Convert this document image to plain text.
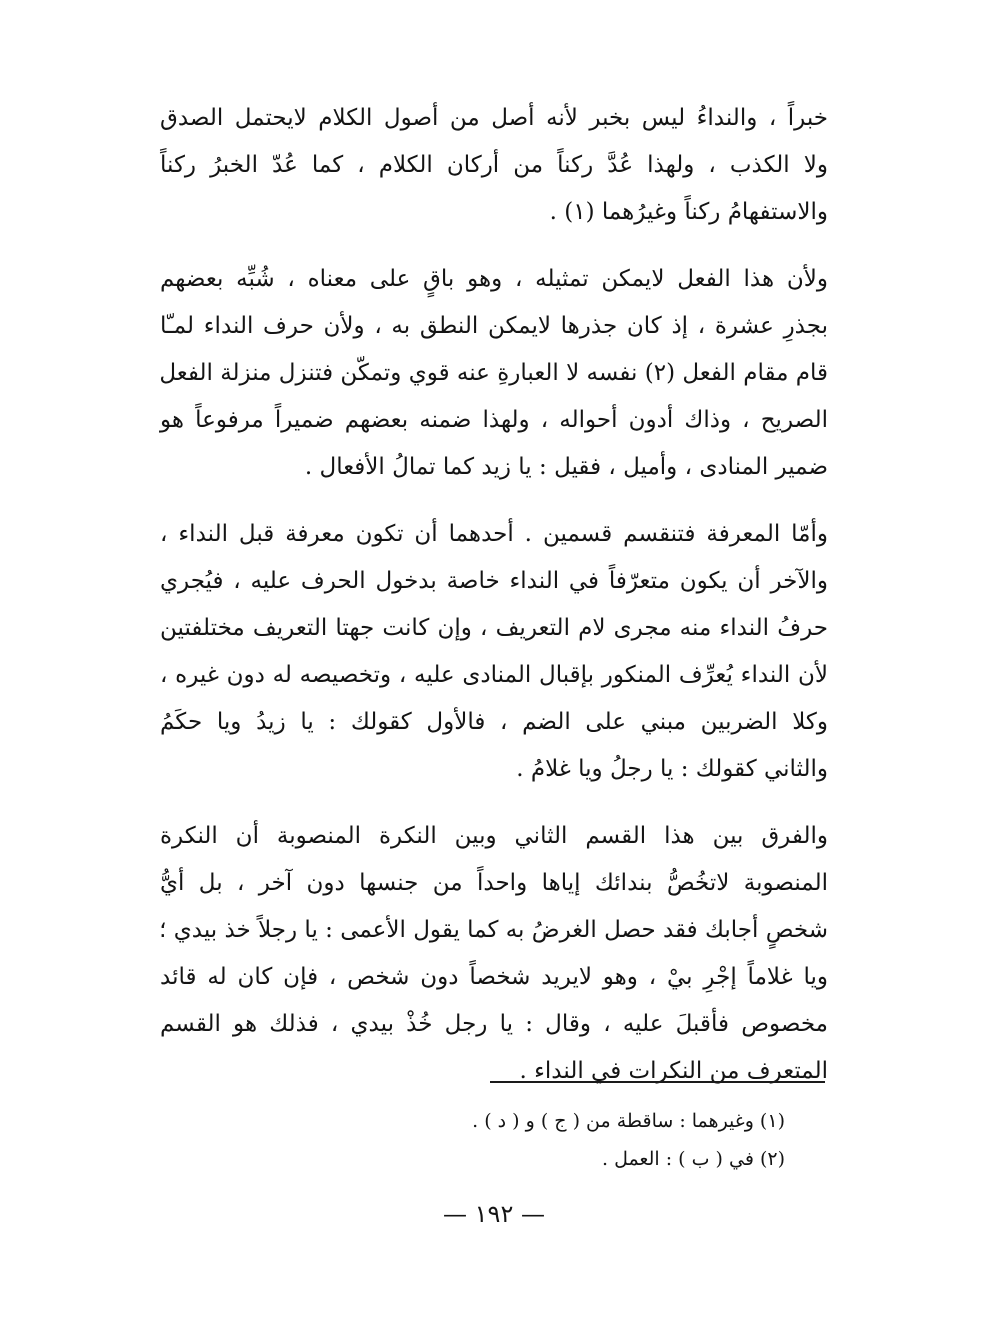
خبراً ، والنداءُ ليس بخبر لأنه أصل من أصول الكلام لايحتمل الصدق
ولا الكذب ، ولهذا عُدَّ ركناً من أركان الكلام ، كما عُدّ الخبرُ ركناً
والاستفهامُ ركناً وغيرُهما (١) .
ولأن هذا الفعل لايمكن تمثيله ، وهو باقٍ على معناه ، شُبِّه بعضهم
بجذرِ عشرة ، إذ كان جذرها لايمكن النطق به ، ولأن حرف النداء لمـّا
قام مقام الفعل (٢) نفسه لا العبارةِ عنه قوي وتمكّن فتنزل منزلة الفعل
الصريح ، وذاك أدون أحواله ، ولهذا ضمنه بعضهم ضميراً مرفوعاً هو
ضمير المنادى ، وأميل ، فقيل : يا زيد كما تمالُ الأفعال .
وأمّا المعرفة فتنقسم قسمين . أحدهما أن تكون معرفة قبل النداء ،
والآخر أن يكون متعرّفاً في النداء خاصة بدخول الحرف عليه ، فيُجري
حرفُ النداء منه مجرى لام التعريف ، وإن كانت جهتا التعريف مختلفتين
لأن النداء يُعرِّف المنكور بإقبال المنادى عليه ، وتخصيصه له دون غيره ،
وكلا الضربين مبني على الضم ، فالأول كقولك : يا زيدُ ويا حكَمُ
والثاني كقولك : يا رجلُ ويا غلامُ .
والفرق بين هذا القسم الثاني وبين النكرة المنصوبة أن النكرة
المنصوبة لاتخُصُّ بندائك إياها واحداً من جنسها دون آخر ، بل أيُّ
شخصٍ أجابك فقد حصل الغرضُ به كما يقول الأعمى : يا رجلاً خذ بيدي ؛
ويا غلاماً إجْرِ بيْ ، وهو لايريد شخصاً دون شخص ، فإن كان له قائد
مخصوص فأقبلَ عليه ، وقال : يا رجل خُذْ بيدي ، فذلك هو القسم
المتعرف من النكرات في النداء .
(١) وغيرهما : ساقطة من ( ج ) و ( د ) .
(٢) في ( ب ) : العمل .
— ١٩٢ —
